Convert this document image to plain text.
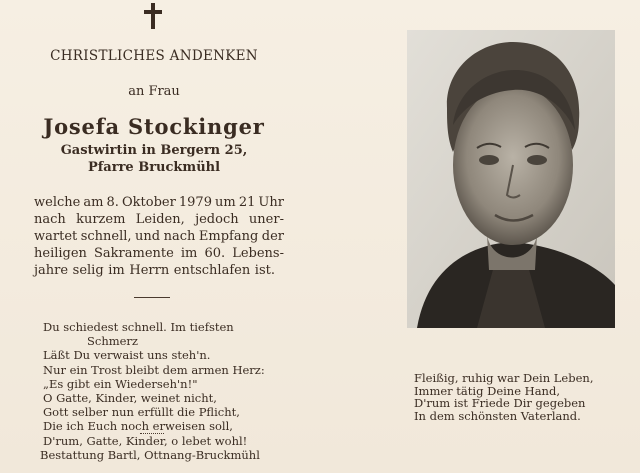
CHRISTLICHES ANDENKEN
an Frau
Josefa Stockinger
Gastwirtin in Bergern 25,
Pfarre Bruckmühl
welche am 8. Oktober 1979 um 21 Uhr
nach kurzem Leiden, jedoch uner-
wartet schnell, und nach Empfang der
heiligen Sakramente im 60. Lebens-
jahre selig im Herrn entschlafen ist.
Du schiedest schnell. Im tiefsten
Schmerz
Läßt Du verwaist uns steh'n.
Nur ein Trost bleibt dem armen Herz:
„Es gibt ein Wiederseh'n!"
O Gatte, Kinder, weinet nicht,
Gott selber nun erfüllt die Pflicht,
Die ich Euch noch erweisen soll,
D'rum, Gatte, Kinder, o lebet wohl!
Bestattung Bartl, Ottnang-Bruckmühl
Fleißig, ruhig war Dein Leben,
Immer tätig Deine Hand,
D'rum ist Friede Dir gegeben
In dem schönsten Vaterland.
